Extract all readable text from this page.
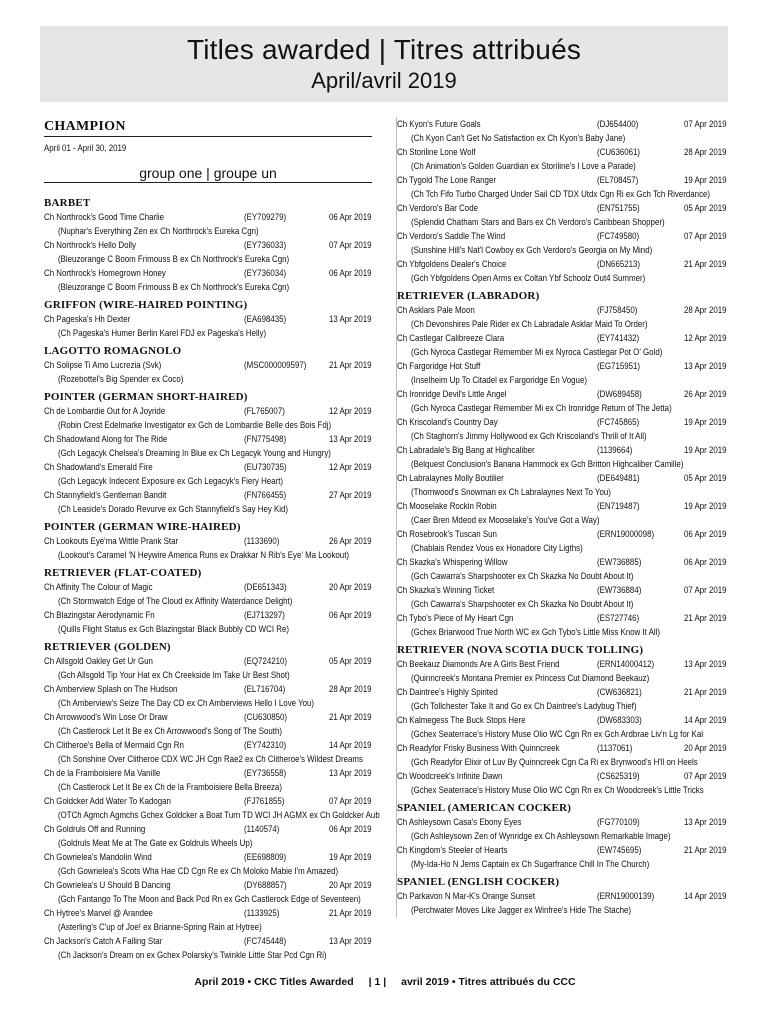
Titles awarded | Titres attribués
April/avril 2019
CHAMPION
April 01 - April 30, 2019
group one | groupe un
BARBET
Ch Northrock's Good Time Charlie	(EY709279)	06 Apr 2019
(Nuphar's Everything Zen ex Ch Northrock's Eureka Cgn)
Ch Northrock's Hello Dolly	(EY736033)	07 Apr 2019
(Bleuzorange C Boom Frimouss B ex Ch Northrock's Eureka Cgn)
Ch Northrock's Homegrown Honey	(EY736034)	06 Apr 2019
(Bleuzorange C Boom Frimouss B ex Ch Northrock's Eureka Cgn)
GRIFFON (WIRE-HAIRED POINTING)
Ch Pageska's Hh Dexter	(EA698435)	13 Apr 2019
(Ch Pageska's Humer Berlin Karel FDJ ex Pageska's Helly)
LAGOTTO ROMAGNOLO
Ch Solipse Ti Amo Lucrezia (Svk)	(MSC000009597) 21 Apr 2019
(Rozebottel's Big Spender ex Coco)
POINTER (GERMAN SHORT-HAIRED)
Ch de Lombardie Out for A Joyride	(FL765007)	12 Apr 2019
(Robin Crest Edelmarke Investigator ex Gch de Lombardie Belle des Bois Fdj)
Ch Shadowland Along for The Ride	(FN775498)	13 Apr 2019
(Gch Legacyk Chelsea's Dreaming In Blue ex Ch Legacyk Young and Hungry)
Ch Shadowland's Emerald Fire	(EU730735)	12 Apr 2019
(Gch Legacyk Indecent Exposure ex Gch Legacyk's Fiery Heart)
Ch Stannyfield's Gentleman Bandit	(FN766455)	27 Apr 2019
(Ch Leaside's Dorado Revurve ex Gch Stannyfield's Say Hey Kid)
POINTER (GERMAN WIRE-HAIRED)
Ch Lookouts Eye'ma Wittle Prank Star	(1133690)	26 Apr 2019
(Lookout's Caramel 'N Heywire America Runs ex Drakkar N Rib's Eye' Ma Lookout)
RETRIEVER (FLAT-COATED)
Ch Affinity The Colour of Magic	(DE651343)	20 Apr 2019
(Ch Stormwatch Edge of The Cloud ex Affinity Waterdance Delight)
Ch Blazingstar Aerodynamic Fn	(EJ713297)	06 Apr 2019
(Quills Flight Status ex Gch Blazingstar Black Bubbly CD WCI Re)
RETRIEVER (GOLDEN)
Ch Allsgold Oakley Get Ur Gun	(EQ724210)	05 Apr 2019
(Gch Allsgold Tip Your Hat ex Ch Creekside Im Take Ur Best Shot)
Ch Amberview Splash on The Hudson	(EL716704)	28 Apr 2019
(Ch Amberview's Seize The Day CD ex Ch Amberviews Hello I Love You)
Ch Arrowwood's Win Lose Or Draw	(CU630850)	21 Apr 2019
(Ch Castlerock Let It Be ex Ch Arrowwood's Song of The South)
Ch Clitheroe's Bella of Mermaid Cgn Rn	(EY742310)	14 Apr 2019
(Ch Sonshine Over Clitheroe CDX WC JH Cgn Rae2 ex Ch Clitheroe's Wildest Dreams
Ch de la Framboisiere Ma Vanille	(EY736558)	13 Apr 2019
(Ch Castlerock Let It Be ex Ch de la Framboisiere Bella Breeza)
Ch Goldcker Add Water To Kadogan	(FJ761855)	07 Apr 2019
(OTCh Agmch Agmchs Gchex Goldcker a Boat Turn TD WCI JH AGMX ex Ch Goldcker Aub
Ch Goldruls Off and Running	(1140574)	06 Apr 2019
(Goldruls Meat Me at The Gate ex Goldruls Wheels Up)
Ch Gowrielea's Mandolin Wind	(EE698809)	19 Apr 2019
(Gch Gowrielea's Scots Wha Hae CD Cgn Re ex Ch Moloko Mabie I'm Amazed)
Ch Gowrielea's U Should B Dancing	(DY688857)	20 Apr 2019
(Gch Fantango To The Moon and Back Pcd Rn ex Gch Castlerock Edge of Seventeen)
Ch Hytree's Marvel @ Arandee	(1133925)	21 Apr 2019
(Asterling's C'up of Joe! ex Brianne-Spring Rain at Hytree)
Ch Jackson's Catch A Falling Star	(FC745448)	13 Apr 2019
(Ch Jackson's Dream on ex Gchex Polarsky's Twinkle Little Star Pcd Cgn Ri)
Ch Kyon's Future Goals	(DJ654400)	07 Apr 2019
(Ch Kyon Can't Get No Satisfaction ex Ch Kyon's Baby Jane)
Ch Storiline Lone Wolf	(CU636061)	28 Apr 2019
(Ch Animation's Golden Guardian ex Storiline's I Love a Parade)
Ch Tygold The Lone Ranger	(EL708457)	19 Apr 2019
(Ch Tch Fifo Turbo Charged Under Sail CD TDX Utdx Cgn Ri ex Gch Tch Riverdance)
Ch Verdoro's Bar Code	(EN751755)	05 Apr 2019
(Splendid Chatham Stars and Bars ex Ch Verdoro's Caribbean Shopper)
Ch Verdoro's Saddle The Wind	(FC749580)	07 Apr 2019
(Sunshine Hill's Nat'l Cowboy ex Gch Verdoro's Georgia on My Mind)
Ch Ybfgoldens Dealer's Choice	(DN665213)	21 Apr 2019
(Gch Ybfgoldens Open Arms ex Coltan Ybf Schoolz Out4 Summer)
RETRIEVER (LABRADOR)
Ch Asklars Pale Moon	(FJ758450)	28 Apr 2019
(Ch Devonshires Pale Rider ex Ch Labradale Asklar Maid To Order)
Ch Castlegar Calibreeze Clara	(EY741432)	12 Apr 2019
(Gch Nyroca Castlegar Remember Mi ex Nyroca Castlegar Pot O' Gold)
Ch Fargoridge Hot Stuff	(EG715951)	13 Apr 2019
(Inselheim Up To Citadel ex Fargoridge En Vogue)
Ch Ironridge Devil's Little Angel	(DW689458)	26 Apr 2019
(Gch Nyroca Castlegar Remember Mi ex Ch Ironridge Return of The Jetta)
Ch Kriscoland's Country Day	(FC745865)	19 Apr 2019
(Ch Staghorn's Jimmy Hollywood ex Gch Kriscoland's Thrill of It All)
Ch Labradale's Big Bang at Highcaliber	(1139664)	19 Apr 2019
(Belquest Conclusion's Banana Hammock ex Gch Britton Highcaliber Camille)
Ch Labralaynes Molly Boutilier	(DE649481)	05 Apr 2019
(Thornwood's Snowman ex Ch Labralaynes Next To You)
Ch Mooselake Rockin Robin	(EN719487)	19 Apr 2019
(Caer Bren Mdeod ex Mooselake's You've Got a Way)
Ch Rosebrook's Tuscan Sun	(ERN19000098)	06 Apr 2019
(Chablais Rendez Vous ex Honadore City Ligths)
Ch Skazka's Whispering Willow	(EW736885)	06 Apr 2019
(Gch Cawarra's Sharpshooter ex Ch Skazka No Doubt About It)
Ch Skazka's Winning Ticket	(EW736884)	07 Apr 2019
(Gch Cawarra's Sharpshooter ex Ch Skazka No Doubt About It)
Ch Tybo's Piece of My Heart Cgn	(ES727746)	21 Apr 2019
(Gchex Briarwood True North WC ex Gch Tybo's Little Miss Know It All)
RETRIEVER (NOVA SCOTIA DUCK TOLLING)
Ch Beekauz Diamonds Are A Girls Best Friend	(ERN14000412)	13 Apr 2019
(Quinncreek's Montana Premier ex Princess Cut Diamond Beekauz)
Ch Daintree's Highly Spirited	(CW636821)	21 Apr 2019
(Gch Tollchester Take It and Go ex Ch Daintree's Ladybug Thief)
Ch Kalmegess The Buck Stops Here	(DW683303)	14 Apr 2019
(Gchex Seaterrace's History Muse Olio WC Cgn Rn ex Gch Ardbrae Liv'n Lg for Kal
Ch Readyfor Frisky Business With Quinncreek	(1137061)	20 Apr 2019
(Gch Readyfor Elixir of Luv By Quinncreek Cgn Ca Ri ex Brynwood's H'll on Heels
Ch Woodcreek's Infinite Dawn	(CS625319)	07 Apr 2019
(Gchex Seaterrace's History Muse Olio WC Cgn Rn ex Ch Woodcreek's Little Tricks
SPANIEL (AMERICAN COCKER)
Ch Ashleysown Casa's Ebony Eyes	(FG770109)	13 Apr 2019
(Gch Ashleysown Zen of Wynridge ex Ch Ashleysown Remarkable Image)
Ch Kingdom's Steeler of Hearts	(EW745695)	21 Apr 2019
(My-Ida-Ho N Jems Captain ex Ch Sugarfrance Chill In The Church)
SPANIEL (ENGLISH COCKER)
Ch Parkavon N Mar-K's Orange Sunset	(ERN19000139)	14 Apr 2019
(Perchwater Moves Like Jagger ex Winfree's Hide The Stache)
April 2019 • CKC Titles Awarded | 1 | avril 2019 • Titres attribués du CCC
